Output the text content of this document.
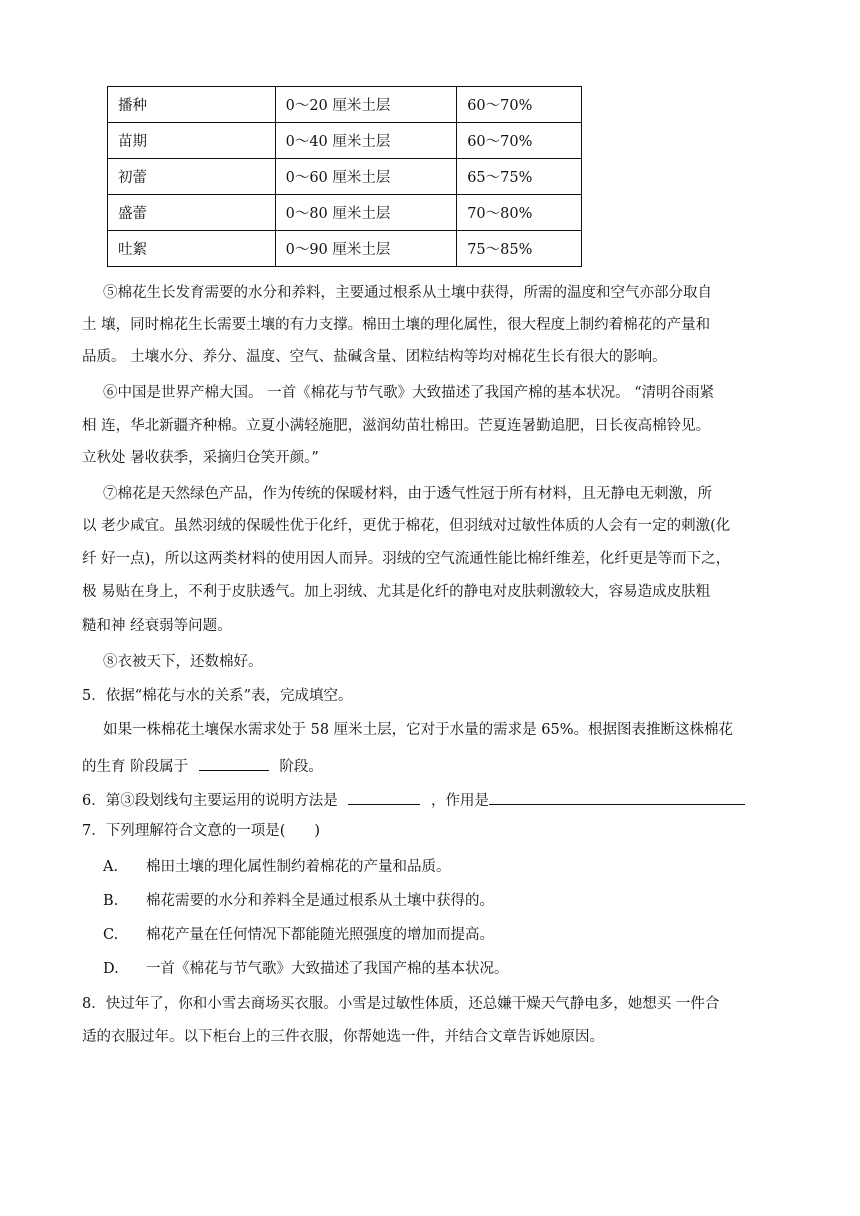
播种	0～20 厘米土层	60～70%
苗期	0～40 厘米土层	60～70%
初蕾	0～60 厘米土层	65～75%
盛蕾	0～80 厘米土层	70～80%
吐絮	0～90 厘米土层	75～85%
⑤棉花生长发育需要的水分和养料，主要通过根系从土壤中获得，所需的温度和空气亦部分取自
土 壤，同时棉花生长需要土壤的有力支撑。棉田土壤的理化属性，很大程度上制约着棉花的产量和
品质。 土壤水分、养分、温度、空气、盐碱含量、团粒结构等均对棉花生长有很大的影响。
⑥中国是世界产棉大国。 一首《棉花与节气歌》大致描述了我国产棉的基本状况。 “清明谷雨紧
相 连，华北新疆齐种棉。立夏小满轻施肥，滋润幼苗壮棉田。芒夏连暑勤追肥，日长夜高棉铃见。
立秋处 暑收获季，采摘归仓笑开颜。”
⑦棉花是天然绿色产品，作为传统的保暖材料，由于透气性冠于所有材料，且无静电无刺激，所
以 老少咸宜。虽然羽绒的保暖性优于化纤，更优于棉花，但羽绒对过敏性体质的人会有一定的刺激(化
纤 好一点)，所以这两类材料的使用因人而异。羽绒的空气流通性能比棉纤维差，化纤更是等而下之，
极 易贴在身上，不利于皮肤透气。加上羽绒、尤其是化纤的静电对皮肤刺激较大，容易造成皮肤粗
糙和神 经衰弱等问题。
⑧衣被天下，还数棉好。
5．依据“棉花与水的关系”表，完成填空。
如果一株棉花土壤保水需求处于 58 厘米土层，它对于水量的需求是 65%。根据图表推断这株棉花
的生育 阶段属于	阶段。
6．第③段划线句主要运用的说明方法是	，作用是
7．下列理解符合文意的一项是(　　)
A. 棉田土壤的理化属性制约着棉花的产量和品质。
B. 棉花需要的水分和养料全是通过根系从土壤中获得的。
C. 棉花产量在任何情况下都能随光照强度的增加而提高。
D. 一首《棉花与节气歌》大致描述了我国产棉的基本状况。
8．快过年了，你和小雪去商场买衣服。小雪是过敏性体质，还总嫌干燥天气静电多，她想买 一件合
适的衣服过年。以下柜台上的三件衣服，你帮她选一件，并结合文章告诉她原因。
